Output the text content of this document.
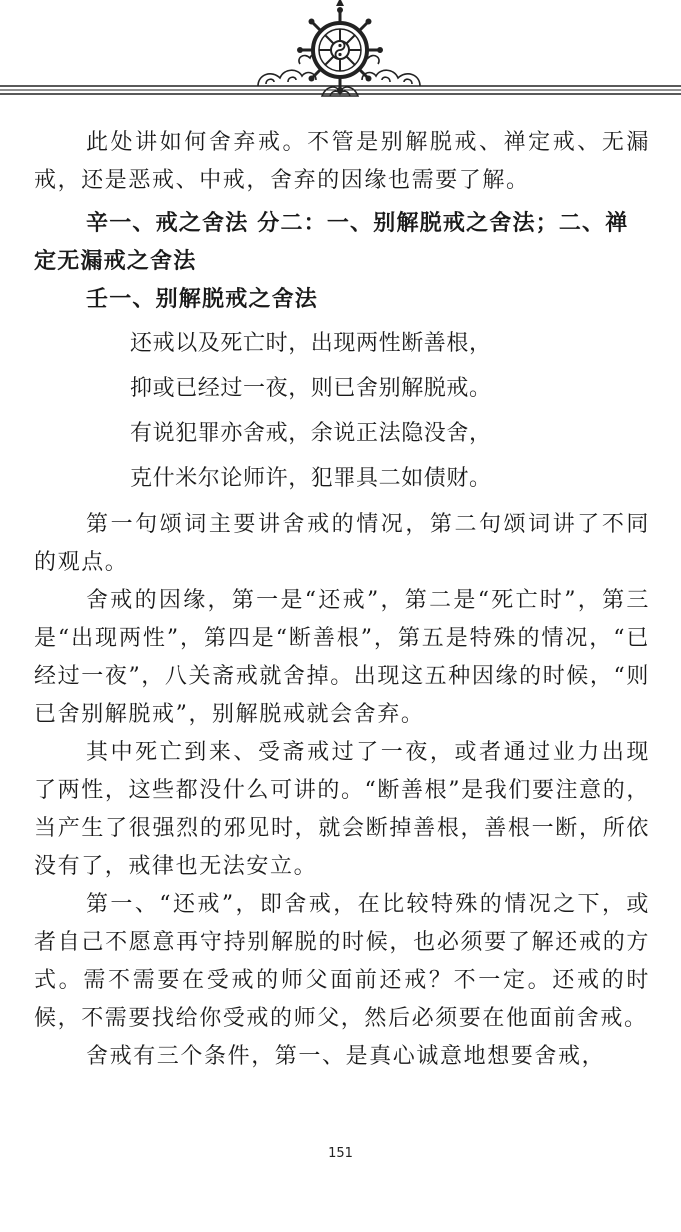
此处讲如何舍弃戒。不管是别解脱戒、禅定戒、无漏戒，还是恶戒、中戒，舍弃的因缘也需要了解。

辛一、戒之舍法 分二：一、别解脱戒之舍法；二、禅定无漏戒之舍法

壬一、别解脱戒之舍法

还戒以及死亡时，出现两性断善根，

抑或已经过一夜，则已舍别解脱戒。

有说犯罪亦舍戒，余说正法隐没舍，

克什米尔论师许，犯罪具二如债财。

第一句颂词主要讲舍戒的情况，第二句颂词讲了不同的观点。

舍戒的因缘，第一是“还戒”，第二是“死亡时”，第三是“出现两性”，第四是“断善根”，第五是特殊的情况，“已经过一夜”，八关斋戒就舍掉。出现这五种因缘的时候，“则已舍别解脱戒”，别解脱戒就会舍弃。

其中死亡到来、受斋戒过了一夜，或者通过业力出现了两性，这些都没什么可讲的。“断善根”是我们要注意的，当产生了很强烈的邪见时，就会断掉善根，善根一断，所依没有了，戒律也无法安立。

第一、“还戒”，即舍戒，在比较特殊的情况之下，或者自己不愿意再守持别解脱的时候，也必须要了解还戒的方式。需不需要在受戒的师父面前还戒？不一定。还戒的时候，不需要找给你受戒的师父，然后必须要在他面前舍戒。

舍戒有三个条件，第一、是真心诚意地想要舍戒，

151
